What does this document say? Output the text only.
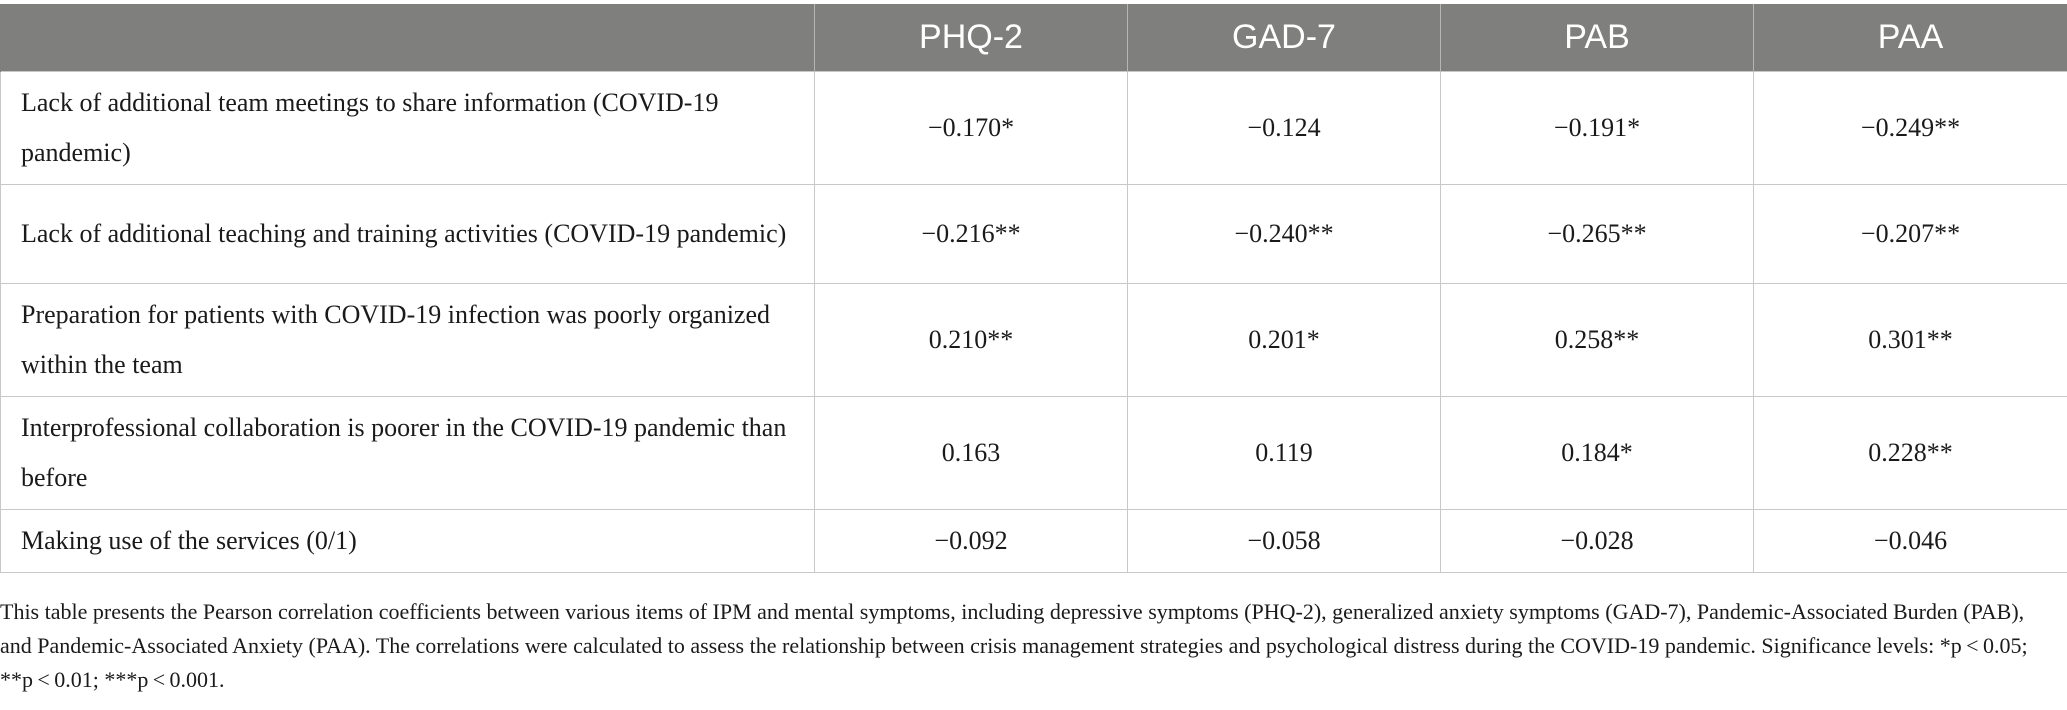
	PHQ-2	GAD-7	PAB	PAA
Lack of additional team meetings to share information (COVID-19 pandemic)	−0.170*	−0.124	−0.191*	−0.249**
Lack of additional teaching and training activities (COVID-19 pandemic)	−0.216**	−0.240**	−0.265**	−0.207**
Preparation for patients with COVID-19 infection was poorly organized within the team	0.210**	0.201*	0.258**	0.301**
Interprofessional collaboration is poorer in the COVID-19 pandemic than before	0.163	0.119	0.184*	0.228**
Making use of the services (0/1)	−0.092	−0.058	−0.028	−0.046

This table presents the Pearson correlation coefficients between various items of IPM and mental symptoms, including depressive symptoms (PHQ-2), generalized anxiety symptoms (GAD-7), Pandemic-Associated Burden (PAB), and Pandemic-Associated Anxiety (PAA). The correlations were calculated to assess the relationship between crisis management strategies and psychological distress during the COVID-19 pandemic. Significance levels: *p < 0.05; **p < 0.01; ***p < 0.001.
